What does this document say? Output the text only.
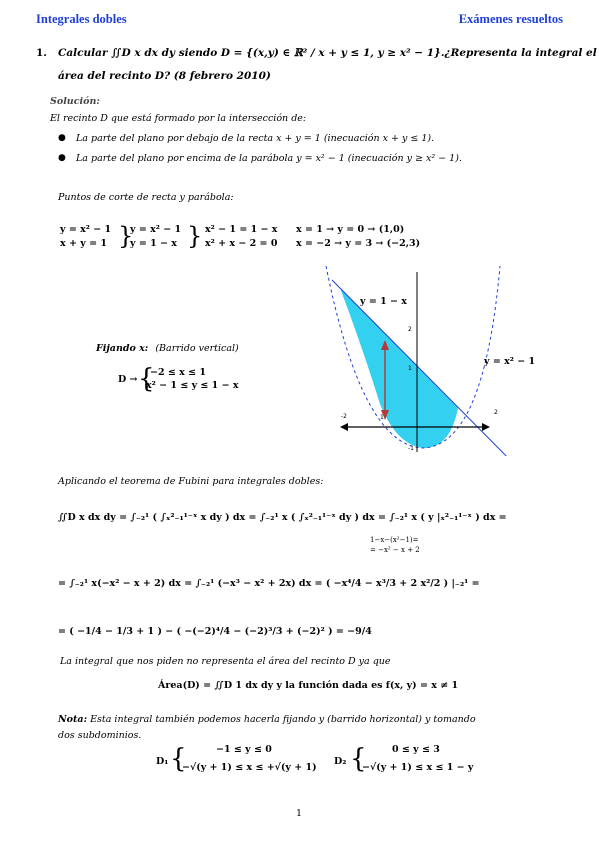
Integrales dobles	Exámenes resueltos
1. Calcular ∬D x dx dy siendo D = {(x,y) ∈ ℝ² / x + y ≤ 1, y ≥ x² − 1}.¿Representa la integral el
área del recinto D? (8 febrero 2010)
Solución:
El recinto D que está formado por la intersección de:
● La parte del plano por debajo de la recta x + y = 1 (inecuación x + y ≤ 1).
● La parte del plano por encima de la parábola y = x² − 1 (inecuación y ≥ x² − 1).
Puntos de corte de recta y parábola:
y = x² − 1
x + y = 1 }
y = x² − 1
y = 1 − x } x² − 1 = 1 − x
x² + x − 2 = 0
x = 1 → y = 0 → (1,0)
x = −2 → y = 3 → (−2,3)
Fijando x: (Barrido vertical)
D → {
−2 ≤ x ≤ 1
x² − 1 ≤ y ≤ 1 − x
2
1
-1
1
-2
2
y = 1 − x
y = x² − 1
Aplicando el teorema de Fubini para integrales dobles:
∬D x dx dy = ∫₋₂¹ ( ∫ₓ²₋₁¹⁻ˣ x dy ) dx = ∫₋₂¹ x ( ∫ₓ²₋₁¹⁻ˣ dy ) dx = ∫₋₂¹ x ( y |ₓ²₋₁¹⁻ˣ ) dx =
1−x−(x²−1)=
= −x² − x + 2
= ∫₋₂¹ x(−x² − x + 2) dx = ∫₋₂¹ (−x³ − x² + 2x) dx = ( −x⁴/4 − x³/3 + 2 x²/2 ) |₋₂¹ =
= ( −1/4 − 1/3 + 1 ) − ( −(−2)⁴/4 − (−2)³/3 + (−2)² ) = −9/4
La integral que nos piden no representa el área del recinto D ya que
Área(D) = ∬D 1 dx dy y la función dada es f(x, y) = x ≠ 1
Nota: Esta integral también podemos hacerla fijando y (barrido horizontal) y tomando
dos subdominios.
D₁ {	−1 ≤ y ≤ 0
−√(y + 1) ≤ x ≤ +√(y + 1)
D₂ {	0 ≤ y ≤ 3
−√(y + 1) ≤ x ≤ 1 − y
1
